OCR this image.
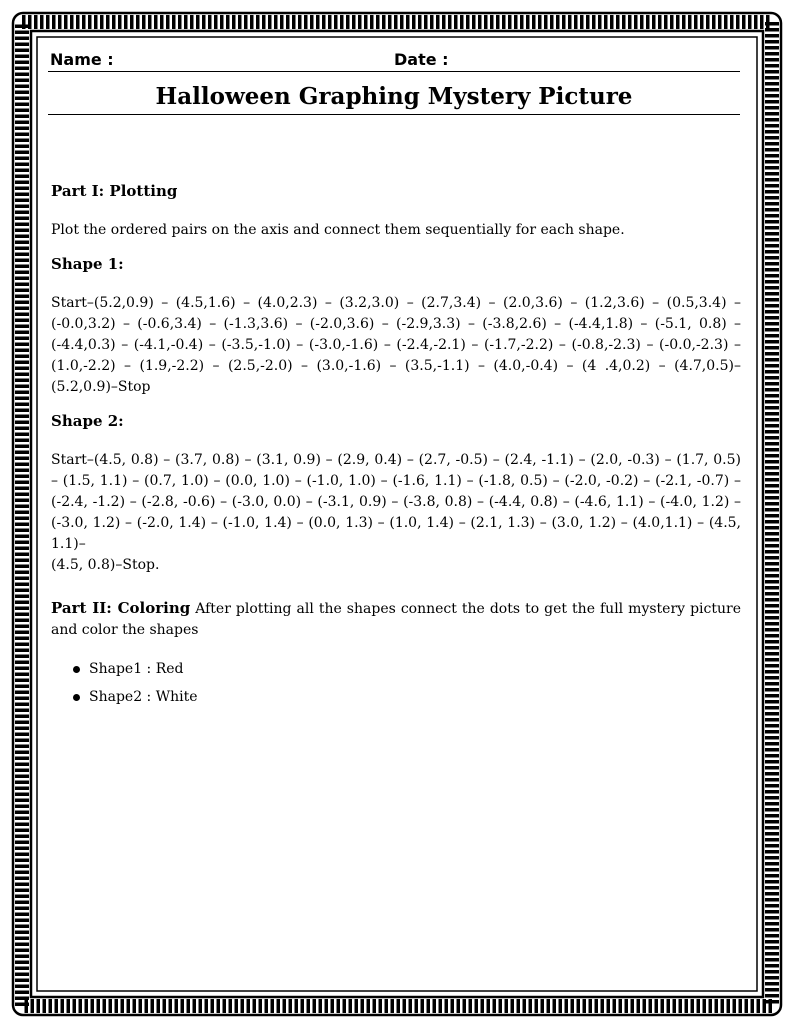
Name :	Date :
Halloween Graphing Mystery Picture

Part I: Plotting

Plot the ordered pairs on the axis and connect them sequentially for each shape.

Shape 1:

Start–(5.2,0.9) – (4.5,1.6) – (4.0,2.3) – (3.2,3.0) – (2.7,3.4) – (2.0,3.6) – (1.2,3.6) – (0.5,3.4) – (-0.0,3.2) – (-0.6,3.4) – (-1.3,3.6) – (-2.0,3.6) – (-2.9,3.3) – (-3.8,2.6) – (-4.4,1.8) – (-5.1, 0.8) – (-4.4,0.3) – (-4.1,-0.4) – (-3.5,-1.0) – (-3.0,-1.6) – (-2.4,-2.1) – (-1.7,-2.2) – (-0.8,-2.3) – (-0.0,-2.3) – (1.0,-2.2) – (1.9,-2.2) – (2.5,-2.0) – (3.0,-1.6) – (3.5,-1.1) – (4.0,-0.4) – (4 .4,0.2) – (4.7,0.5)–(5.2,0.9)–Stop

Shape 2:

Start–(4.5, 0.8) – (3.7, 0.8) – (3.1, 0.9) – (2.9, 0.4) – (2.7, -0.5) – (2.4, -1.1) – (2.0, -0.3) – (1.7, 0.5) – (1.5, 1.1) – (0.7, 1.0) – (0.0, 1.0) – (-1.0, 1.0) – (-1.6, 1.1) – (-1.8, 0.5) – (-2.0, -0.2) – (-2.1, -0.7) – (-2.4, -1.2) – (-2.8, -0.6) – (-3.0, 0.0) – (-3.1, 0.9) – (-3.8, 0.8) – (-4.4, 0.8) – (-4.6, 1.1) – (-4.0, 1.2) – (-3.0, 1.2) – (-2.0, 1.4) – (-1.0, 1.4) – (0.0, 1.3) – (1.0, 1.4) – (2.1, 1.3) – (3.0, 1.2) – (4.0,1.1) – (4.5, 1.1)–

(4.5, 0.8)–Stop.

Part II: Coloring After plotting all the shapes connect the dots to get the full mystery picture and color the shapes

Shape1 : Red
Shape2 : White
